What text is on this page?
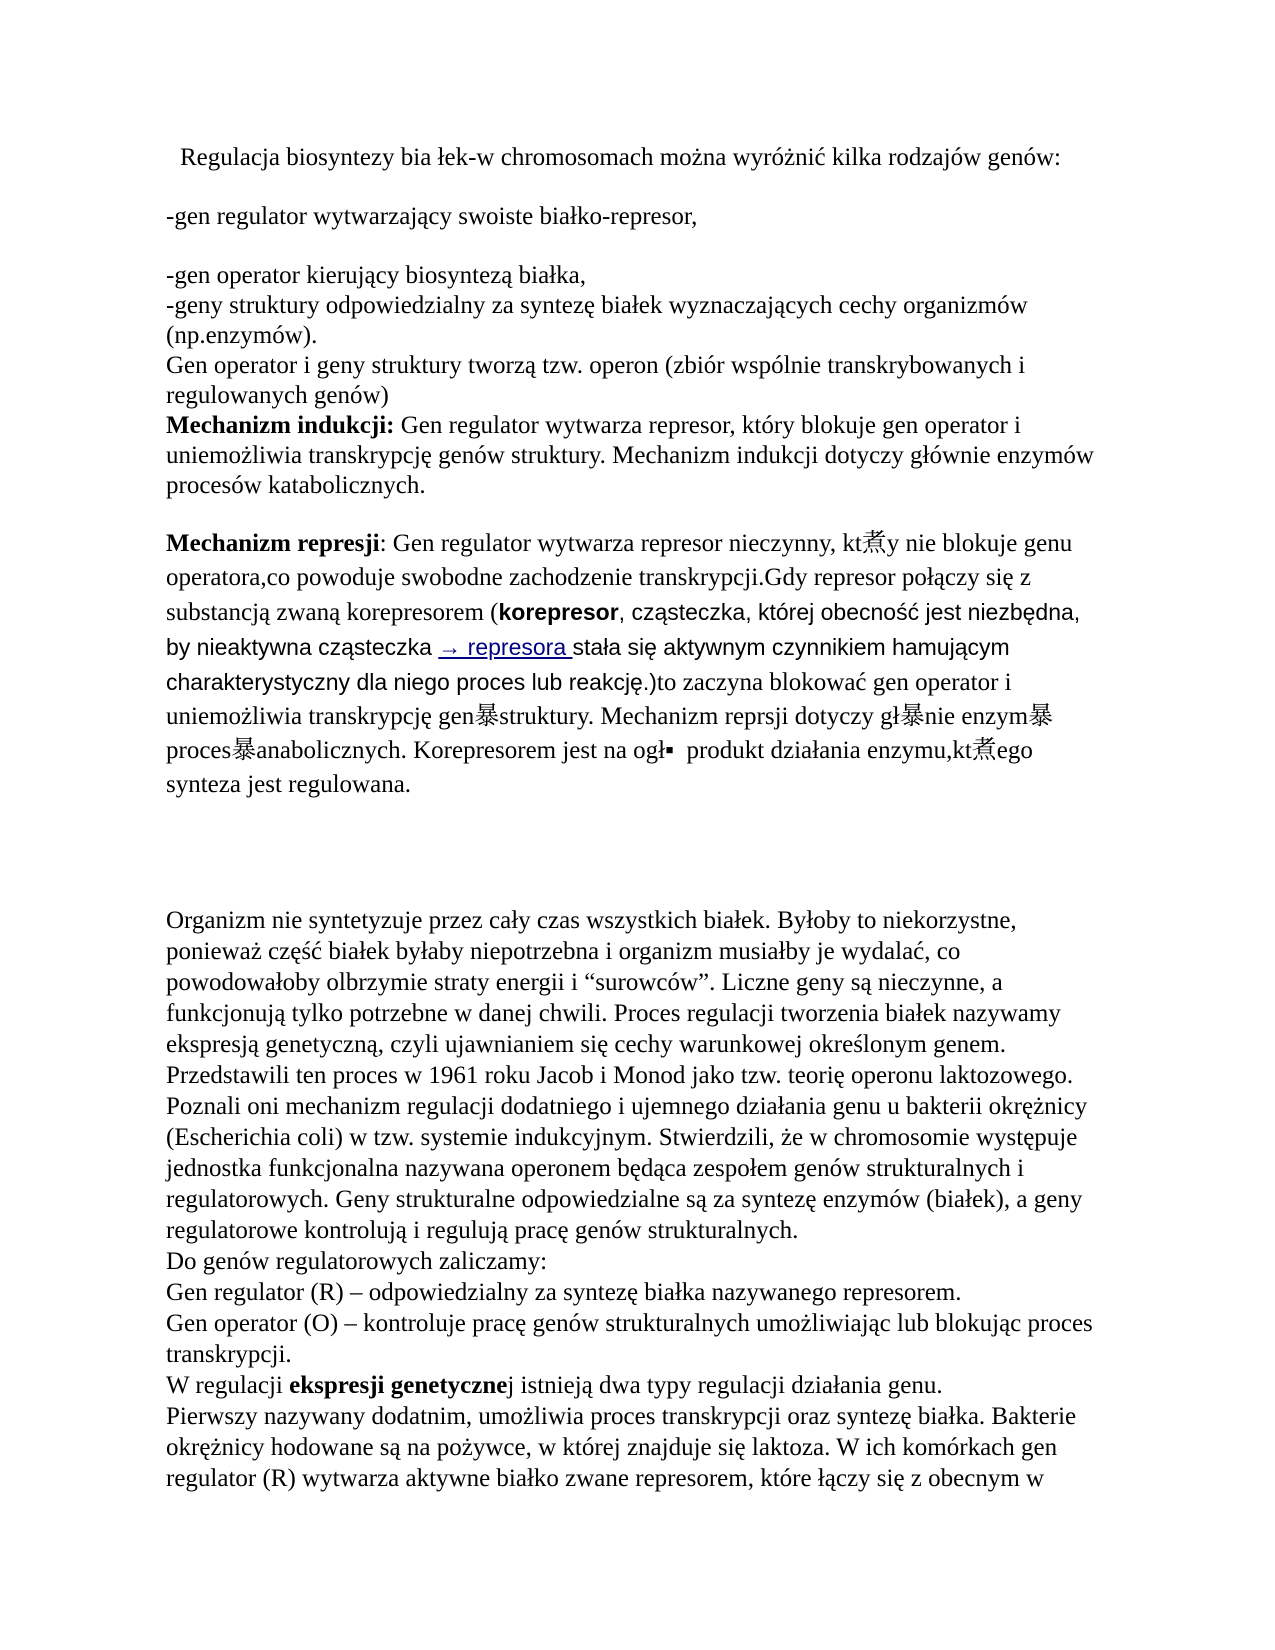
Regulacja biosyntezy bia łek-w chromosomach można wyróżnić kilka rodzajów genów:

-gen regulator wytwarzający swoiste białko-represor,

-gen operator kierujący biosyntezą białka,

-geny struktury odpowiedzialny za syntezę białek wyznaczających cechy organizmów (np.enzymów).

Gen operator i geny struktury tworzą tzw. operon (zbiór wspólnie transkrybowanych i regulowanych genów)

Mechanizm indukcji: Gen regulator wytwarza represor, który blokuje gen operator i uniemożliwia transkrypcję genów struktury. Mechanizm indukcji dotyczy głównie enzymów procesów katabolicznych.

Mechanizm represji: Gen regulator wytwarza represor nieczynny, kt煮y nie blokuje genu operatora,co powoduje swobodne zachodzenie transkrypcji.Gdy represor połączy się z substancją zwaną korepresorem (korepresor, cząsteczka, której obecność jest niezbędna, by nieaktywna cząsteczka → represora stała się aktywnym czynnikiem hamującym charakterystyczny dla niego proces lub reakcję.)to zaczyna blokować gen operator i uniemożliwia transkrypcję gen暴struktury. Mechanizm reprsji dotyczy gł暴nie enzym暴 proces暴anabolicznych. Korepresorem jest na ogł▪  produkt działania enzymu,kt煮ego synteza jest regulowana.

Organizm nie syntetyzuje przez cały czas wszystkich białek. Byłoby to niekorzystne, ponieważ część białek byłaby niepotrzebna i organizm musiałby je wydalać, co powodowałoby olbrzymie straty energii i “surowców”. Liczne geny są nieczynne, a funkcjonują tylko potrzebne w danej chwili. Proces regulacji tworzenia białek nazywamy ekspresją genetyczną, czyli ujawnianiem się cechy warunkowej określonym genem. Przedstawili ten proces w 1961 roku Jacob i Monod jako tzw. teorię operonu laktozowego. Poznali oni mechanizm regulacji dodatniego i ujemnego działania genu u bakterii okrężnicy (Escherichia coli) w tzw. systemie indukcyjnym. Stwierdzili, że w chromosomie występuje jednostka funkcjonalna nazywana operonem będąca zespołem genów strukturalnych i regulatorowych. Geny strukturalne odpowiedzialne są za syntezę enzymów (białek), a geny regulatorowe kontrolują i regulują pracę genów strukturalnych.

Do genów regulatorowych zaliczamy:

Gen regulator (R) – odpowiedzialny za syntezę białka nazywanego represorem.

Gen operator (O) – kontroluje pracę genów strukturalnych umożliwiając lub blokując proces transkrypcji.

W regulacji ekspresji genetycznej istnieją dwa typy regulacji działania genu.

Pierwszy nazywany dodatnim, umożliwia proces transkrypcji oraz syntezę białka. Bakterie okrężnicy hodowane są na pożywce, w której znajduje się laktoza. W ich komórkach gen regulator (R) wytwarza aktywne białko zwane represorem, które łączy się z obecnym w
